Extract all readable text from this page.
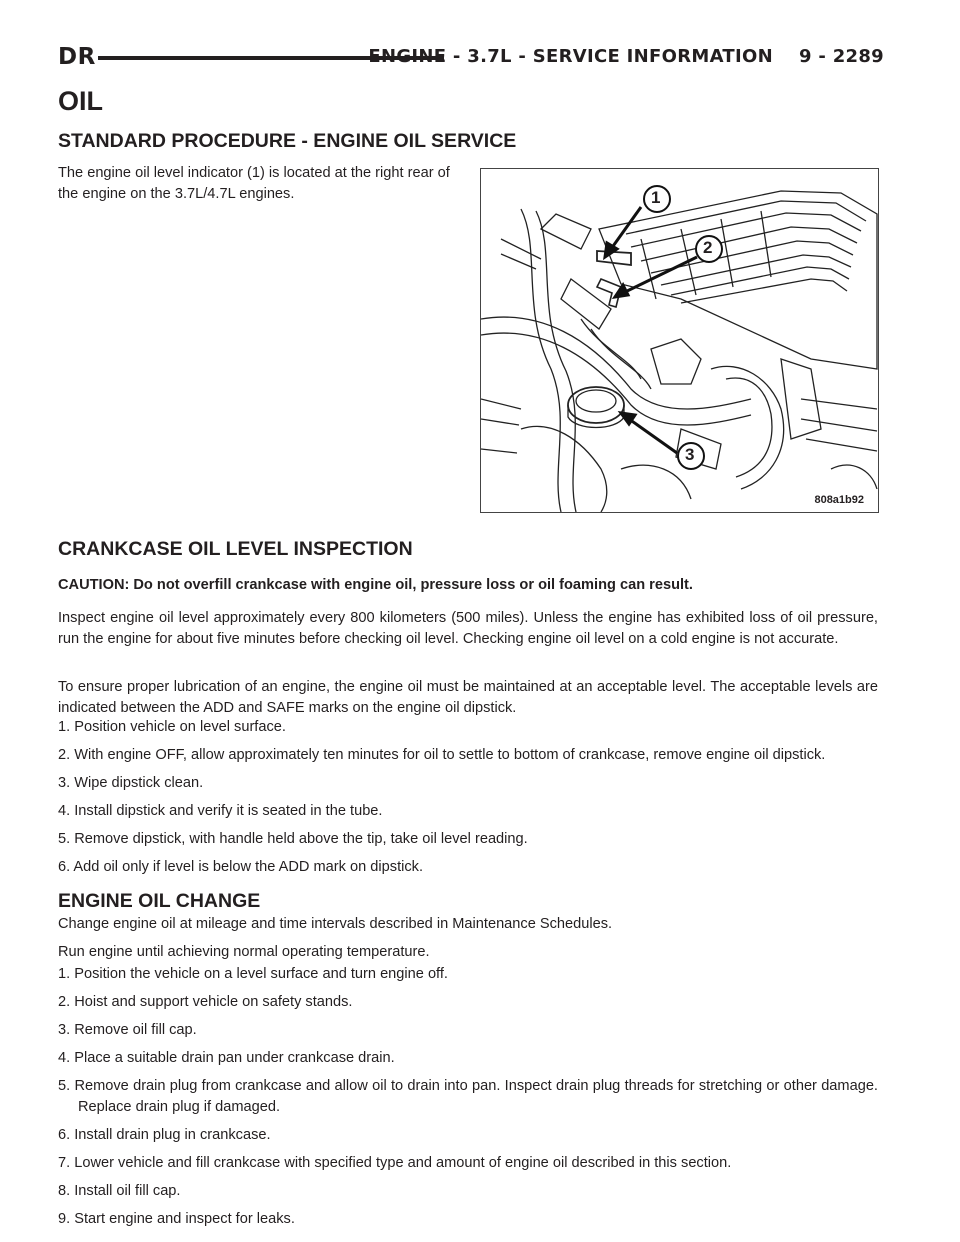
DR	ENGINE - 3.7L - SERVICE INFORMATION 9 - 2289
OIL
STANDARD PROCEDURE - ENGINE OIL SERVICE

The engine oil level indicator (1) is located at the right rear of the engine on the 3.7L/4.7L engines.	1
2
3
808a1b92
CRANKCASE OIL LEVEL INSPECTION

CAUTION: Do not overfill crankcase with engine oil, pressure loss or oil foaming can result.

Inspect engine oil level approximately every 800 kilometers (500 miles). Unless the engine has exhibited loss of oil pressure, run the engine for about five minutes before checking oil level. Checking engine oil level on a cold engine is not accurate.

To ensure proper lubrication of an engine, the engine oil must be maintained at an acceptable level. The acceptable levels are indicated between the ADD and SAFE marks on the engine oil dipstick.

1. Position vehicle on level surface.
2. With engine OFF, allow approximately ten minutes for oil to settle to bottom of crankcase, remove engine oil dipstick.
3. Wipe dipstick clean.
4. Install dipstick and verify it is seated in the tube.
5. Remove dipstick, with handle held above the tip, take oil level reading.
6. Add oil only if level is below the ADD mark on dipstick.
ENGINE OIL CHANGE

Change engine oil at mileage and time intervals described in Maintenance Schedules.

Run engine until achieving normal operating temperature.

1. Position the vehicle on a level surface and turn engine off.
2. Hoist and support vehicle on safety stands.
3. Remove oil fill cap.
4. Place a suitable drain pan under crankcase drain.
5. Remove drain plug from crankcase and allow oil to drain into pan. Inspect drain plug threads for stretching or other damage. Replace drain plug if damaged.
6. Install drain plug in crankcase.
7. Lower vehicle and fill crankcase with specified type and amount of engine oil described in this section.
8. Install oil fill cap.
9. Start engine and inspect for leaks.
